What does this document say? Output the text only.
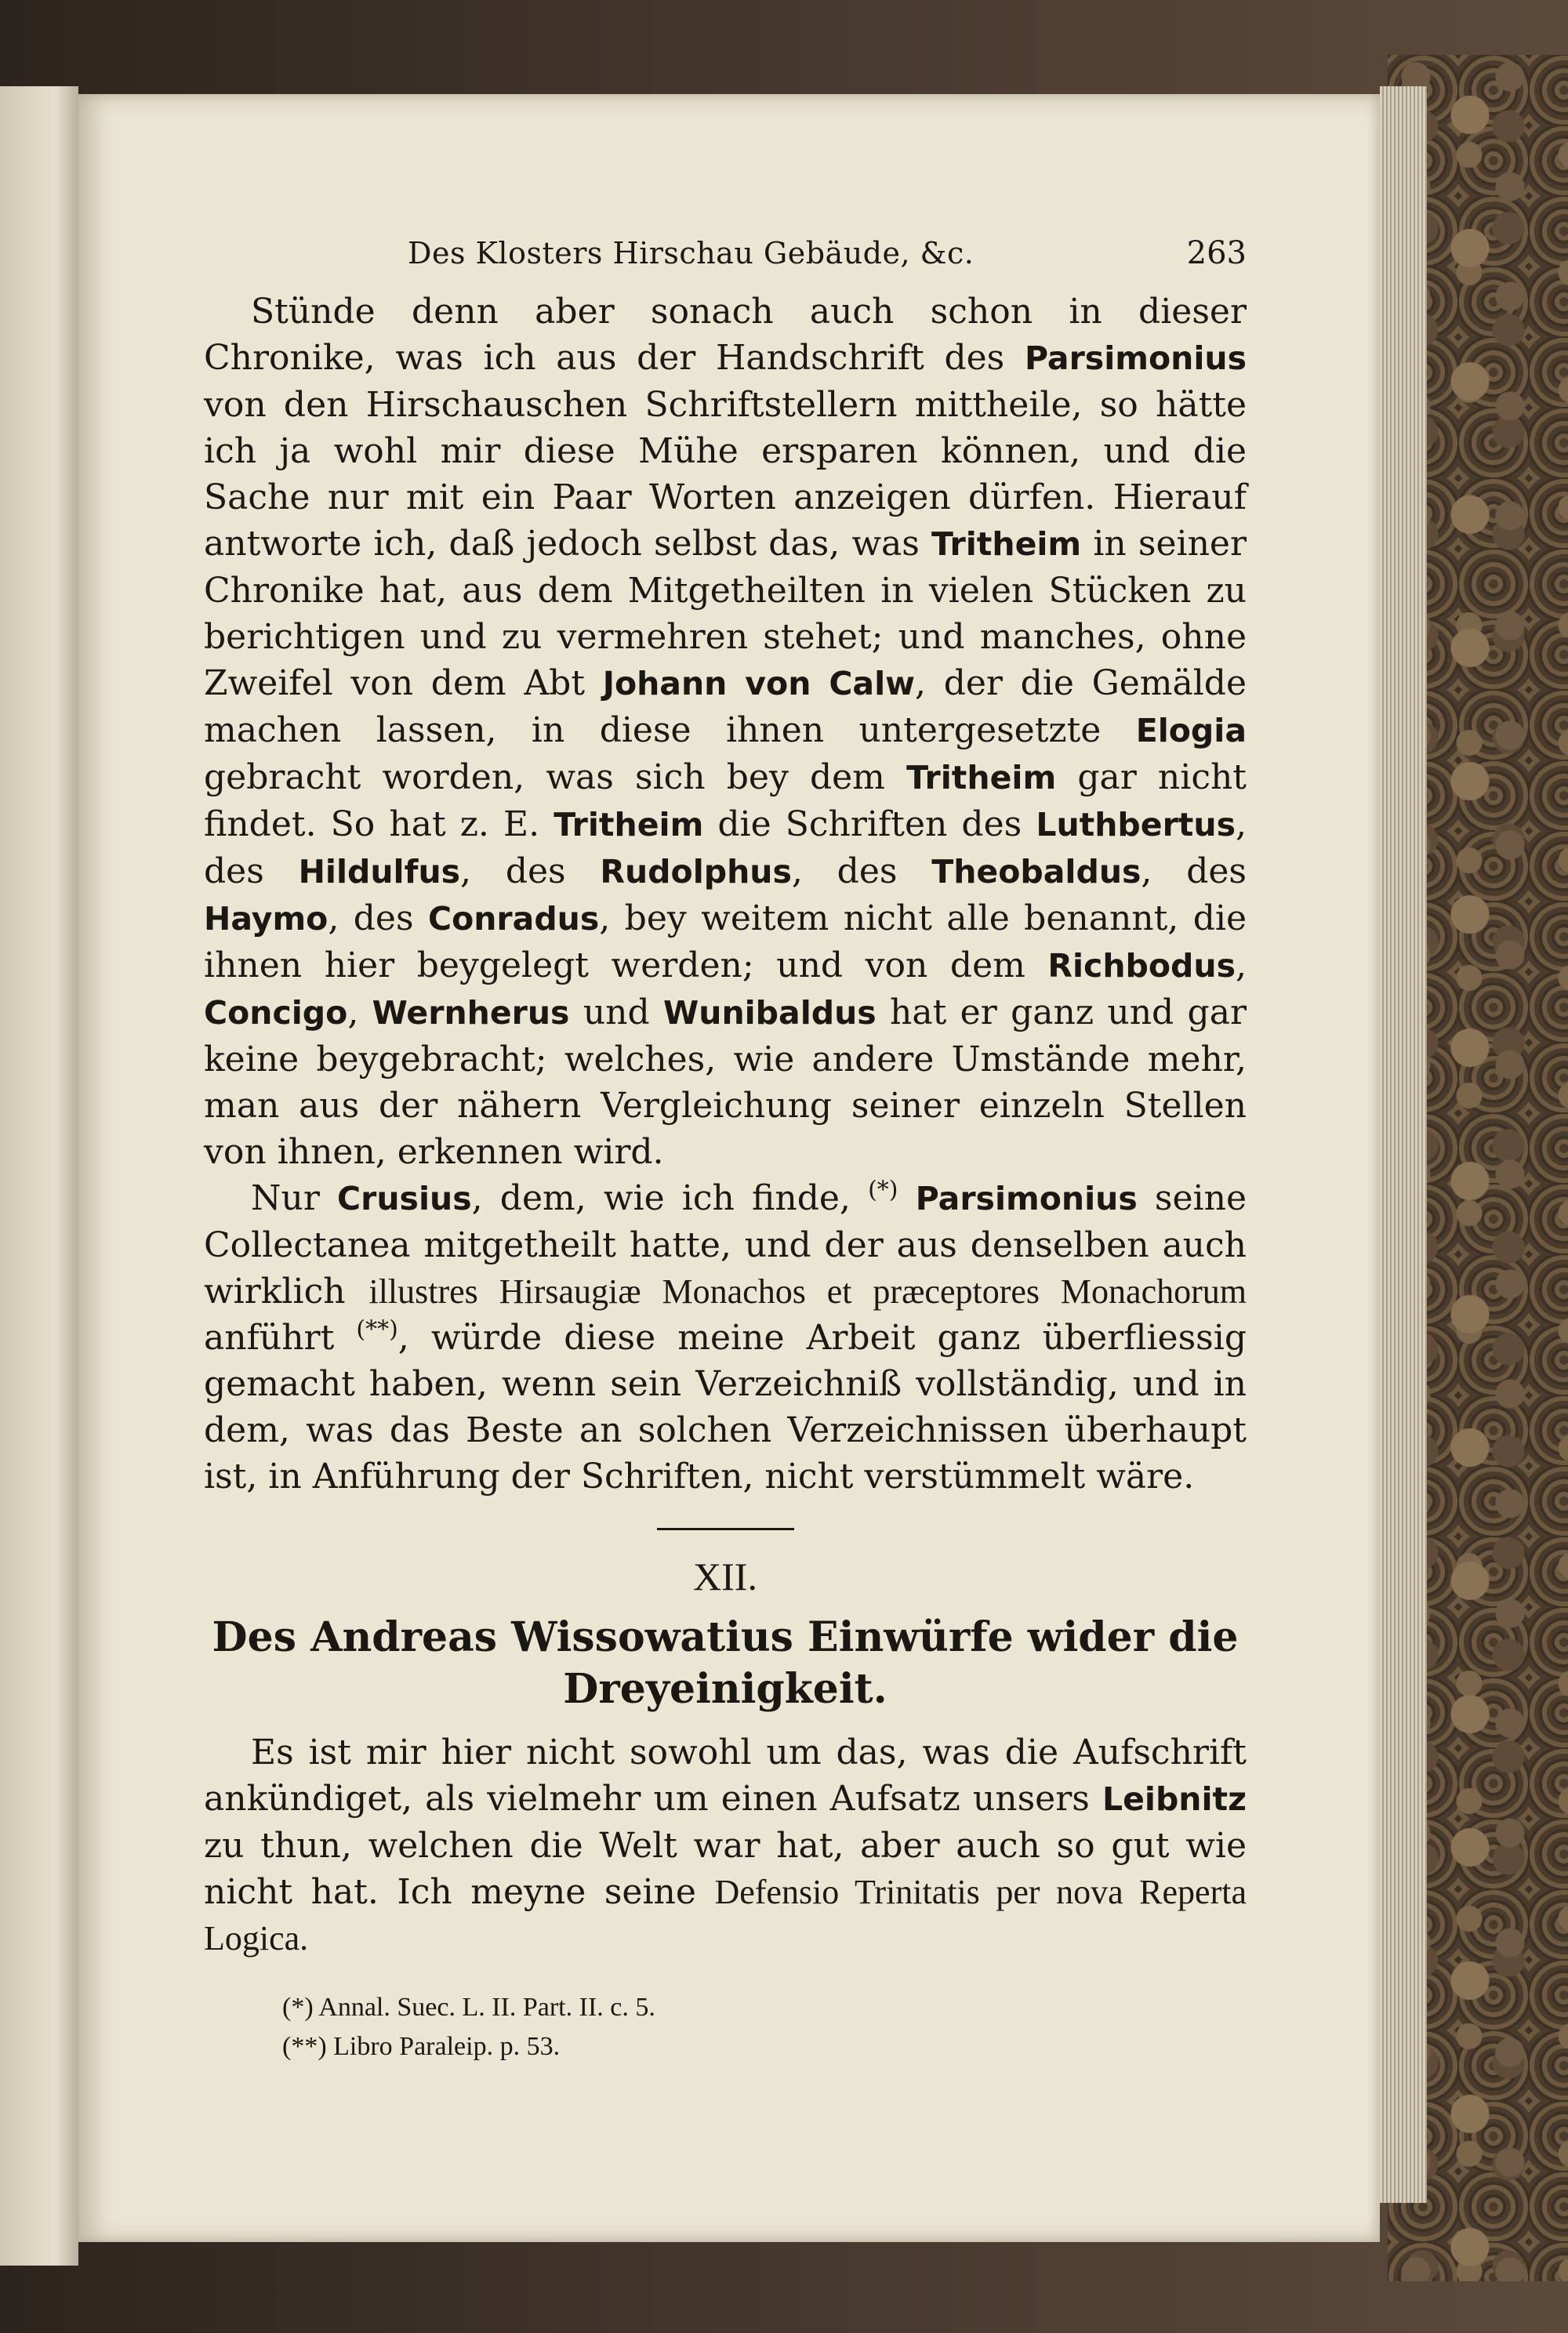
Des Klosters Hirschau Gebäude, &c.	263

Stünde denn aber sonach auch schon in dieser Chronike, was ich aus der Handschrift des Parsimonius von den Hirschauschen Schriftstellern mittheile, so hätte ich ja wohl mir diese Mühe ersparen können, und die Sache nur mit ein Paar Worten anzeigen dürfen. Hierauf antworte ich, daß jedoch selbst das, was Tritheim in seiner Chronike hat, aus dem Mitgetheilten in vielen Stücken zu berichtigen und zu vermehren stehet; und manches, ohne Zweifel von dem Abt Johann von Calw, der die Gemälde machen lassen, in diese ihnen untergesetzte Elogia gebracht worden, was sich bey dem Tritheim gar nicht findet. So hat z. E. Tritheim die Schriften des Luthbertus, des Hildulfus, des Rudolphus, des Theobaldus, des Haymo, des Conradus, bey weitem nicht alle benannt, die ihnen hier beygelegt werden; und von dem Richbodus, Concigo, Wernherus und Wunibaldus hat er ganz und gar keine beygebracht; welches, wie andere Umstände mehr, man aus der nähern Vergleichung seiner einzeln Stellen von ihnen, erkennen wird.

Nur Crusius, dem, wie ich finde, (*) Parsimonius seine Collectanea mitgetheilt hatte, und der aus denselben auch wirklich illustres Hirsaugiæ Monachos et præceptores Monachorum anführt (**), würde diese meine Arbeit ganz überfliessig gemacht haben, wenn sein Verzeichniß vollständig, und in dem, was das Beste an solchen Verzeichnissen überhaupt ist, in Anführung der Schriften, nicht verstümmelt wäre.

XII.
Des Andreas Wissowatius Einwürfe wider die
Dreyeinigkeit.

Es ist mir hier nicht sowohl um das, was die Aufschrift ankündiget, als vielmehr um einen Aufsatz unsers Leibnitz zu thun, welchen die Welt war hat, aber auch so gut wie nicht hat. Ich meyne seine Defensio Trinitatis per nova Reperta Logica.

(*) Annal. Suec. L. II. Part. II. c. 5.

(**) Libro Paraleip. p. 53.
